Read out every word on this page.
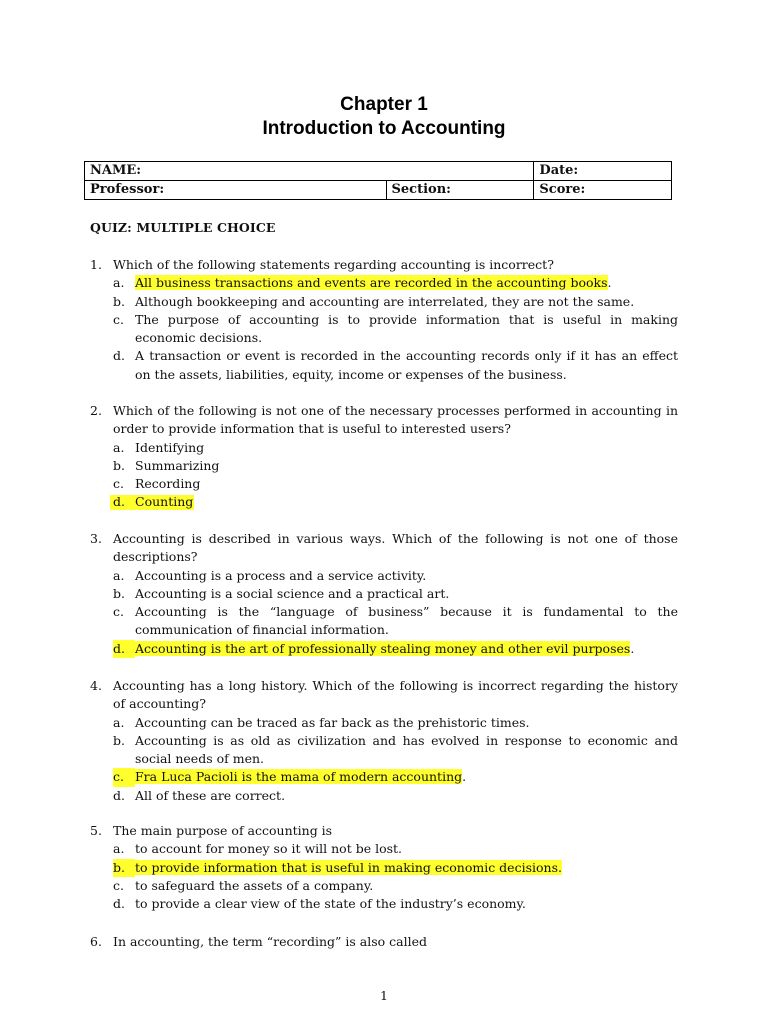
Chapter 1
Introduction to Accounting
NAME:		Date:
Professor:	Section:	Score:
QUIZ: MULTIPLE CHOICE
1. Which of the following statements regarding accounting is incorrect?
a. All business transactions and events are recorded in the accounting books.
b. Although bookkeeping and accounting are interrelated, they are not the same.
c. The purpose of accounting is to provide information that is useful in making economic decisions.
d. A transaction or event is recorded in the accounting records only if it has an effect on the assets, liabilities, equity, income or expenses of the business.
2. Which of the following is not one of the necessary processes performed in accounting in order to provide information that is useful to interested users?
a. Identifying
b. Summarizing
c. Recording
d. Counting
3. Accounting is described in various ways. Which of the following is not one of those descriptions?
a. Accounting is a process and a service activity.
b. Accounting is a social science and a practical art.
c. Accounting is the “language of business” because it is fundamental to the communication of financial information.
d. Accounting is the art of professionally stealing money and other evil purposes.
4. Accounting has a long history. Which of the following is incorrect regarding the history of accounting?
a. Accounting can be traced as far back as the prehistoric times.
b. Accounting is as old as civilization and has evolved in response to economic and social needs of men.
c. Fra Luca Pacioli is the mama of modern accounting.
d. All of these are correct.
5. The main purpose of accounting is
a. to account for money so it will not be lost.
b. to provide information that is useful in making economic decisions.
c. to safeguard the assets of a company.
d. to provide a clear view of the state of the industry’s economy.
6. In accounting, the term “recording” is also called
1
